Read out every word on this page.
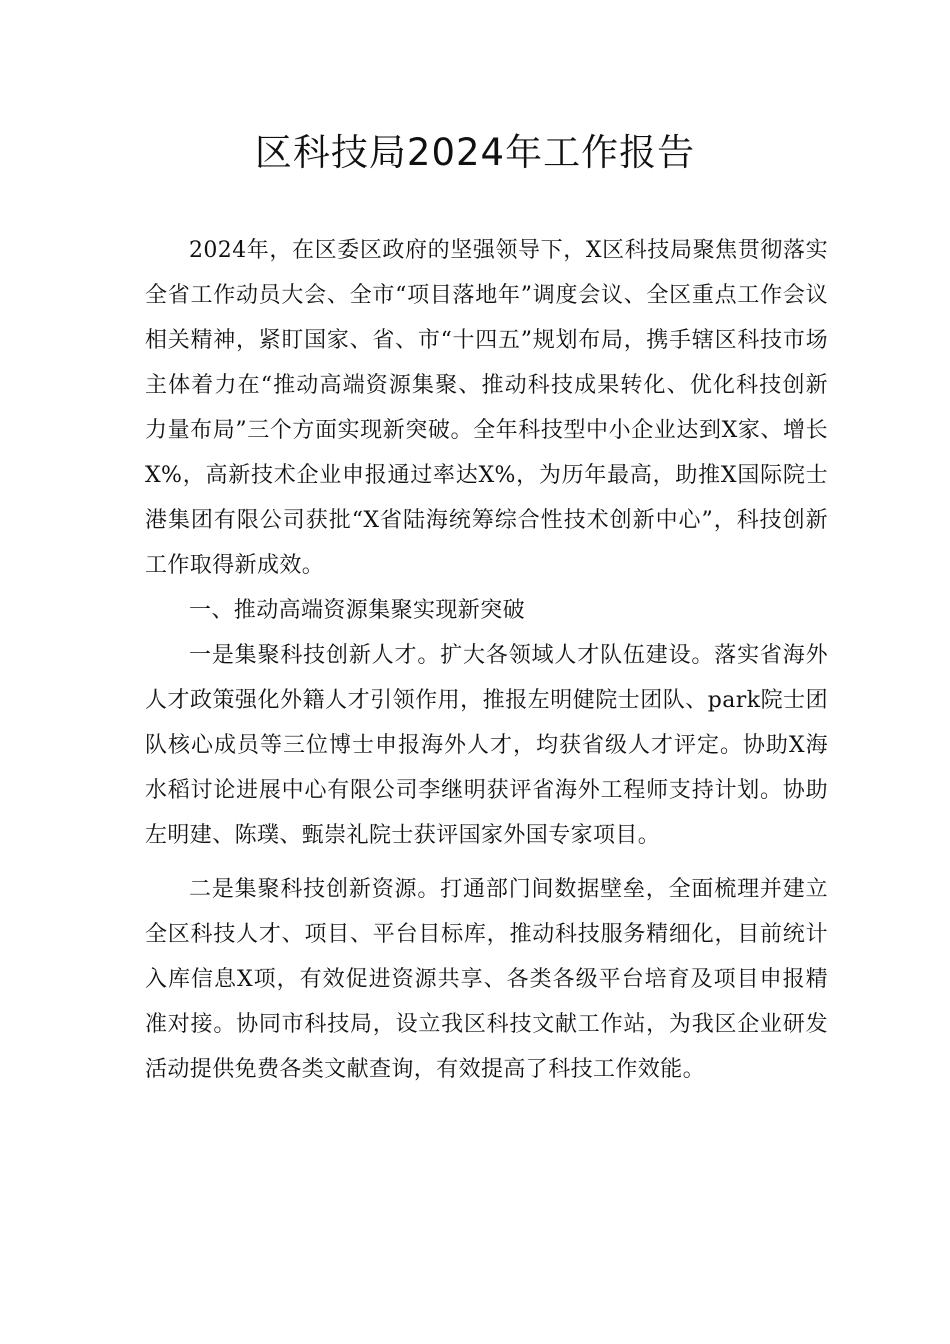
区科技局2024年工作报告

2024年，在区委区政府的坚强领导下，X区科技局聚焦贯彻落实全省工作动员大会、全市“项目落地年”调度会议、全区重点工作会议相关精神，紧盯国家、省、市“十四五”规划布局，携手辖区科技市场主体着力在“推动高端资源集聚、推动科技成果转化、优化科技创新力量布局”三个方面实现新突破。全年科技型中小企业达到X家、增长X%，高新技术企业申报通过率达X%，为历年最高，助推X国际院士港集团有限公司获批“X省陆海统筹综合性技术创新中心”，科技创新工作取得新成效。

一、推动高端资源集聚实现新突破

一是集聚科技创新人才。扩大各领域人才队伍建设。落实省海外人才政策强化外籍人才引领作用，推报左明健院士团队、park院士团队核心成员等三位博士申报海外人才，均获省级人才评定。协助X海水稻讨论进展中心有限公司李继明获评省海外工程师支持计划。协助左明建、陈璞、甄崇礼院士获评国家外国专家项目。

二是集聚科技创新资源。打通部门间数据壁垒，全面梳理并建立全区科技人才、项目、平台目标库，推动科技服务精细化，目前统计入库信息X项，有效促进资源共享、各类各级平台培育及项目申报精准对接。协同市科技局，设立我区科技文献工作站，为我区企业研发活动提供免费各类文献查询，有效提高了科技工作效能。
